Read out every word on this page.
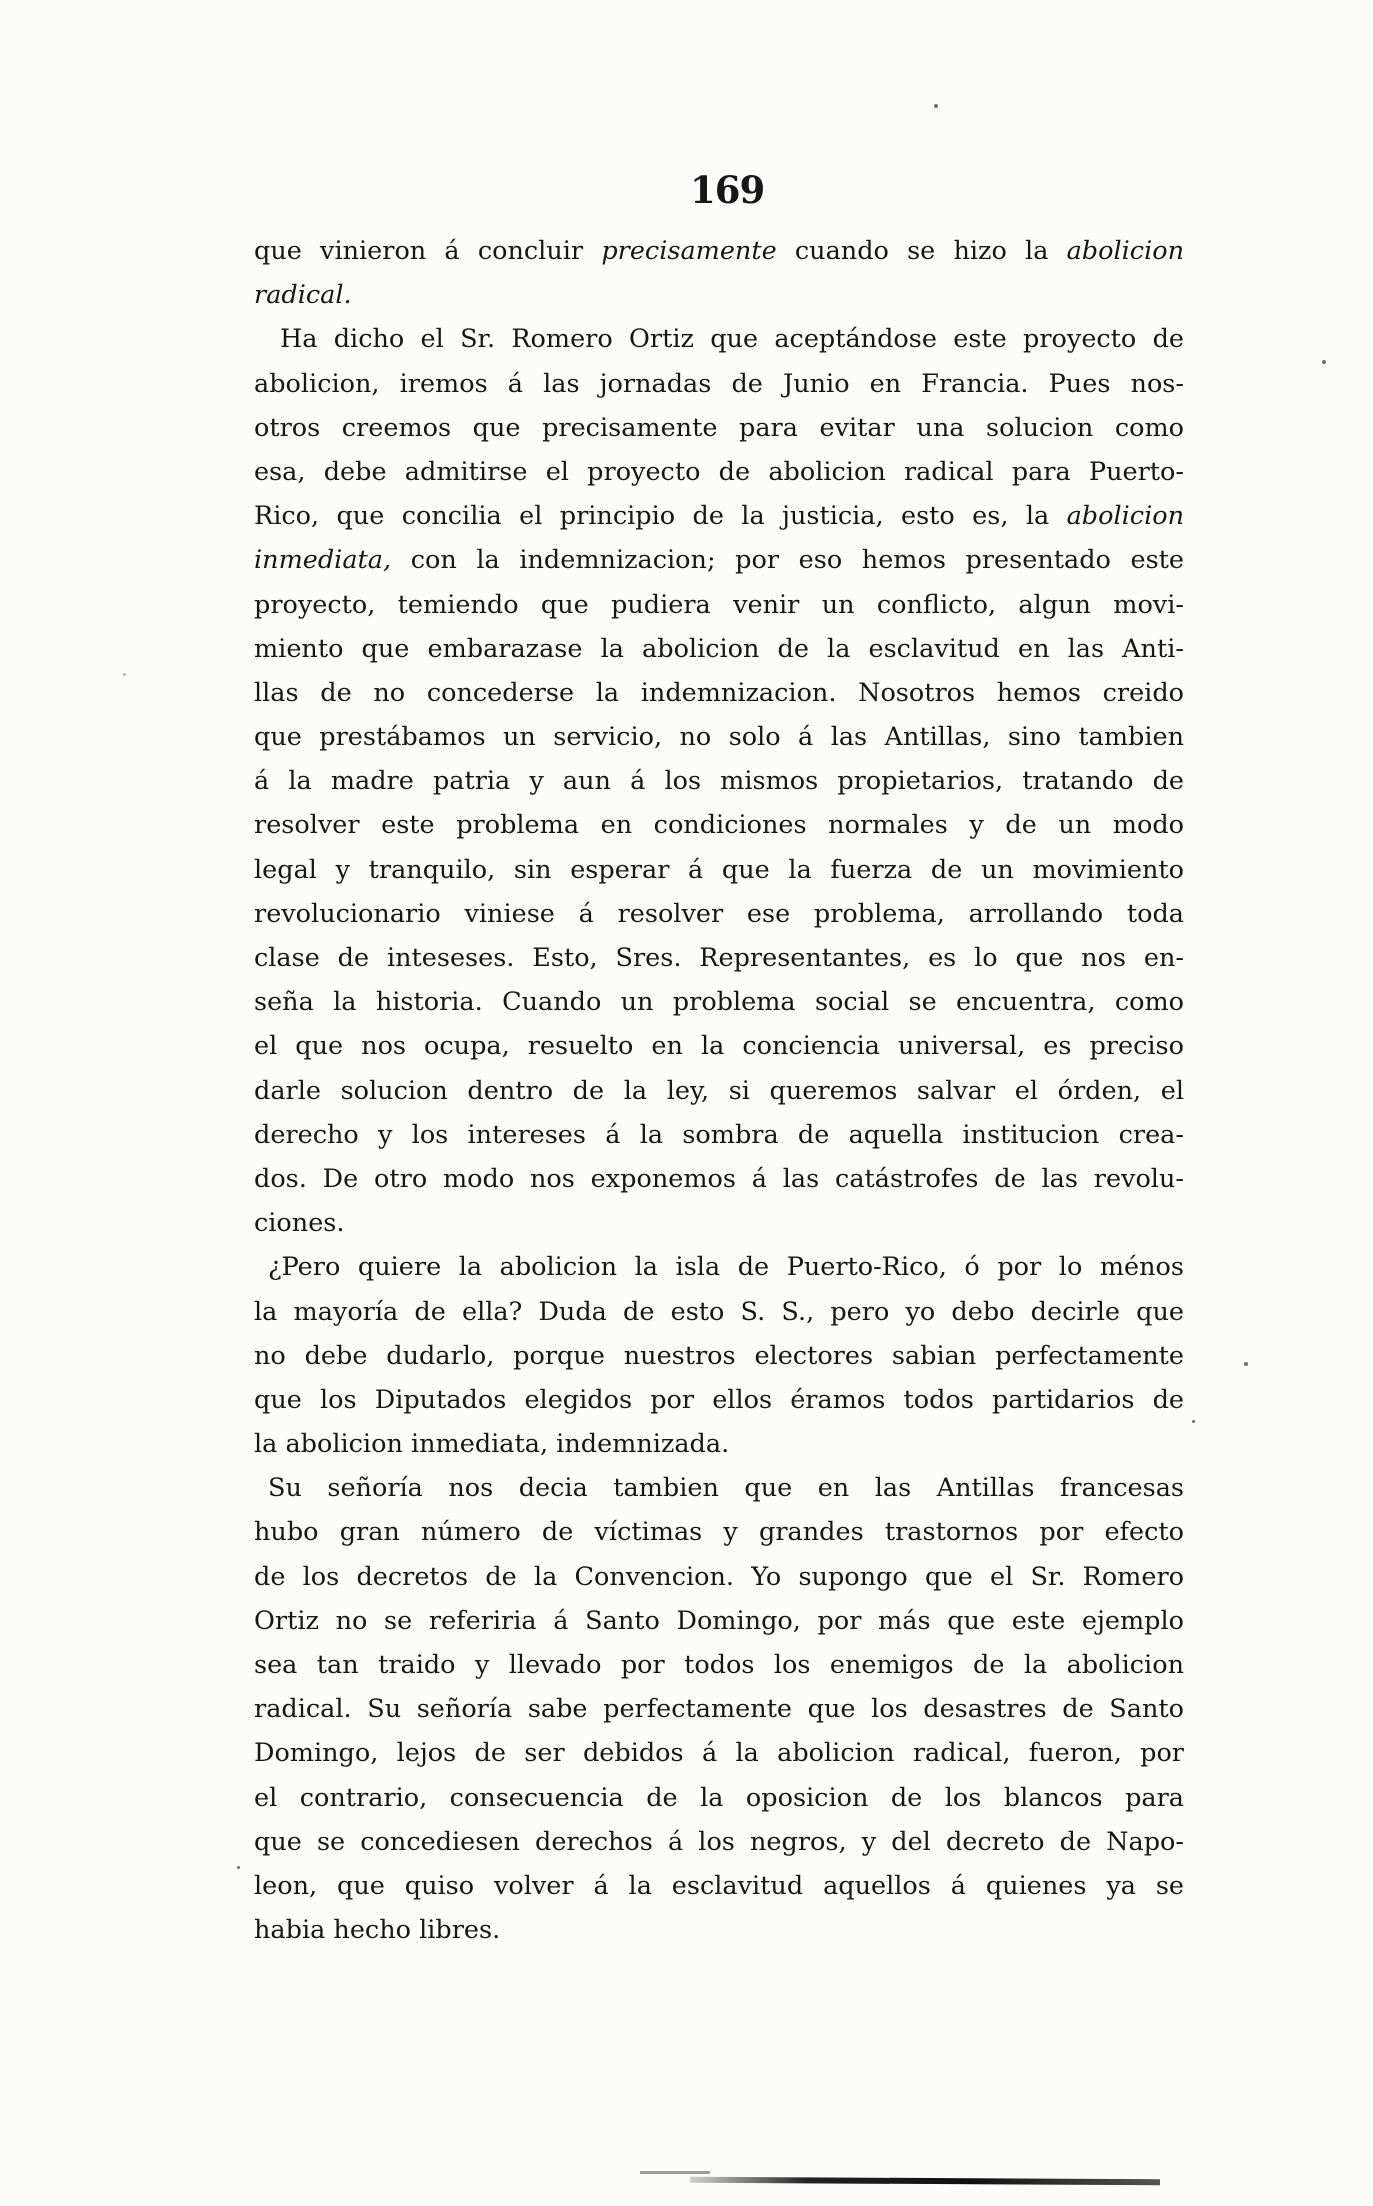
169
que vinieron á concluir precisamente cuando se hizo la abolicion
radical.
Ha dicho el Sr. Romero Ortiz que aceptándose este proyecto de
abolicion, iremos á las jornadas de Junio en Francia. Pues nos-
otros creemos que precisamente para evitar una solucion como
esa, debe admitirse el proyecto de abolicion radical para Puerto-
Rico, que concilia el principio de la justicia, esto es, la abolicion
inmediata, con la indemnizacion; por eso hemos presentado este
proyecto, temiendo que pudiera venir un conflicto, algun movi-
miento que embarazase la abolicion de la esclavitud en las Anti-
llas de no concederse la indemnizacion. Nosotros hemos creido
que prestábamos un servicio, no solo á las Antillas, sino tambien
á la madre patria y aun á los mismos propietarios, tratando de
resolver este problema en condiciones normales y de un modo
legal y tranquilo, sin esperar á que la fuerza de un movimiento
revolucionario viniese á resolver ese problema, arrollando toda
clase de inteseses. Esto, Sres. Representantes, es lo que nos en-
seña la historia. Cuando un problema social se encuentra, como
el que nos ocupa, resuelto en la conciencia universal, es preciso
darle solucion dentro de la ley, si queremos salvar el órden, el
derecho y los intereses á la sombra de aquella institucion crea-
dos. De otro modo nos exponemos á las catástrofes de las revolu-
ciones.
¿Pero quiere la abolicion la isla de Puerto-Rico, ó por lo ménos
la mayoría de ella? Duda de esto S. S., pero yo debo decirle que
no debe dudarlo, porque nuestros electores sabian perfectamente
que los Diputados elegidos por ellos éramos todos partidarios de
la abolicion inmediata, indemnizada.
Su señoría nos decia tambien que en las Antillas francesas
hubo gran número de víctimas y grandes trastornos por efecto
de los decretos de la Convencion. Yo supongo que el Sr. Romero
Ortiz no se referiria á Santo Domingo, por más que este ejemplo
sea tan traido y llevado por todos los enemigos de la abolicion
radical. Su señoría sabe perfectamente que los desastres de Santo
Domingo, lejos de ser debidos á la abolicion radical, fueron, por
el contrario, consecuencia de la oposicion de los blancos para
que se concediesen derechos á los negros, y del decreto de Napo-
leon, que quiso volver á la esclavitud aquellos á quienes ya se
habia hecho libres.
